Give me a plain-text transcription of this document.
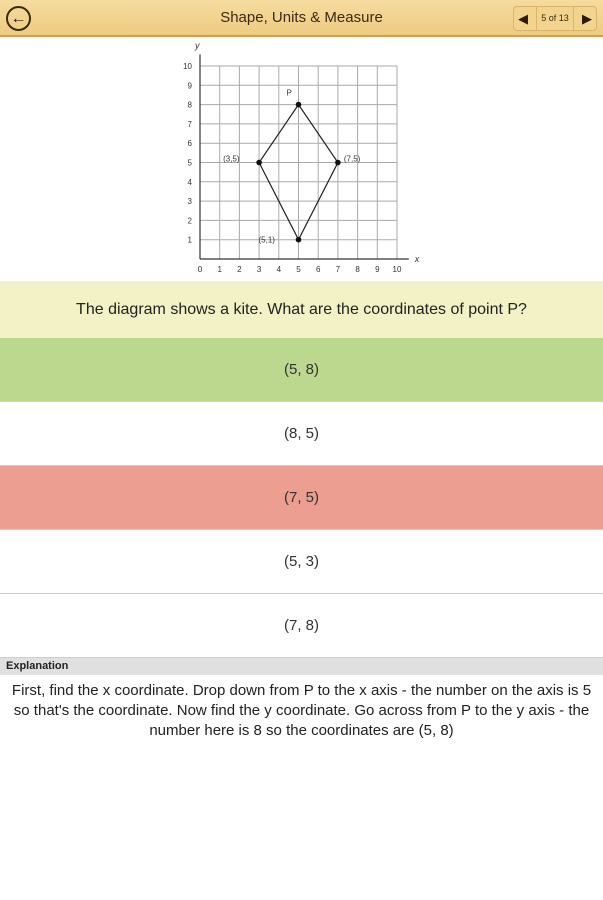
←	Shape, Units & Measure	◀	5 of 13	▶
x
y
0 1 2 3 4 5 6 7 8 9 10
1
2
3
4
5
6
7
8
9
10
P
(7,5)
(5,1)
(3,5)
The diagram shows a kite. What are the coordinates of point P?
(5, 8)
(8, 5)
(7, 5)
(5, 3)
(7, 8)
Explanation
First, find the x coordinate. Drop down from P to the x axis - the number on the axis is 5 so that's the coordinate. Now find the y coordinate. Go across from P to the y axis - the number here is 8 so the coordinates are (5, 8)
